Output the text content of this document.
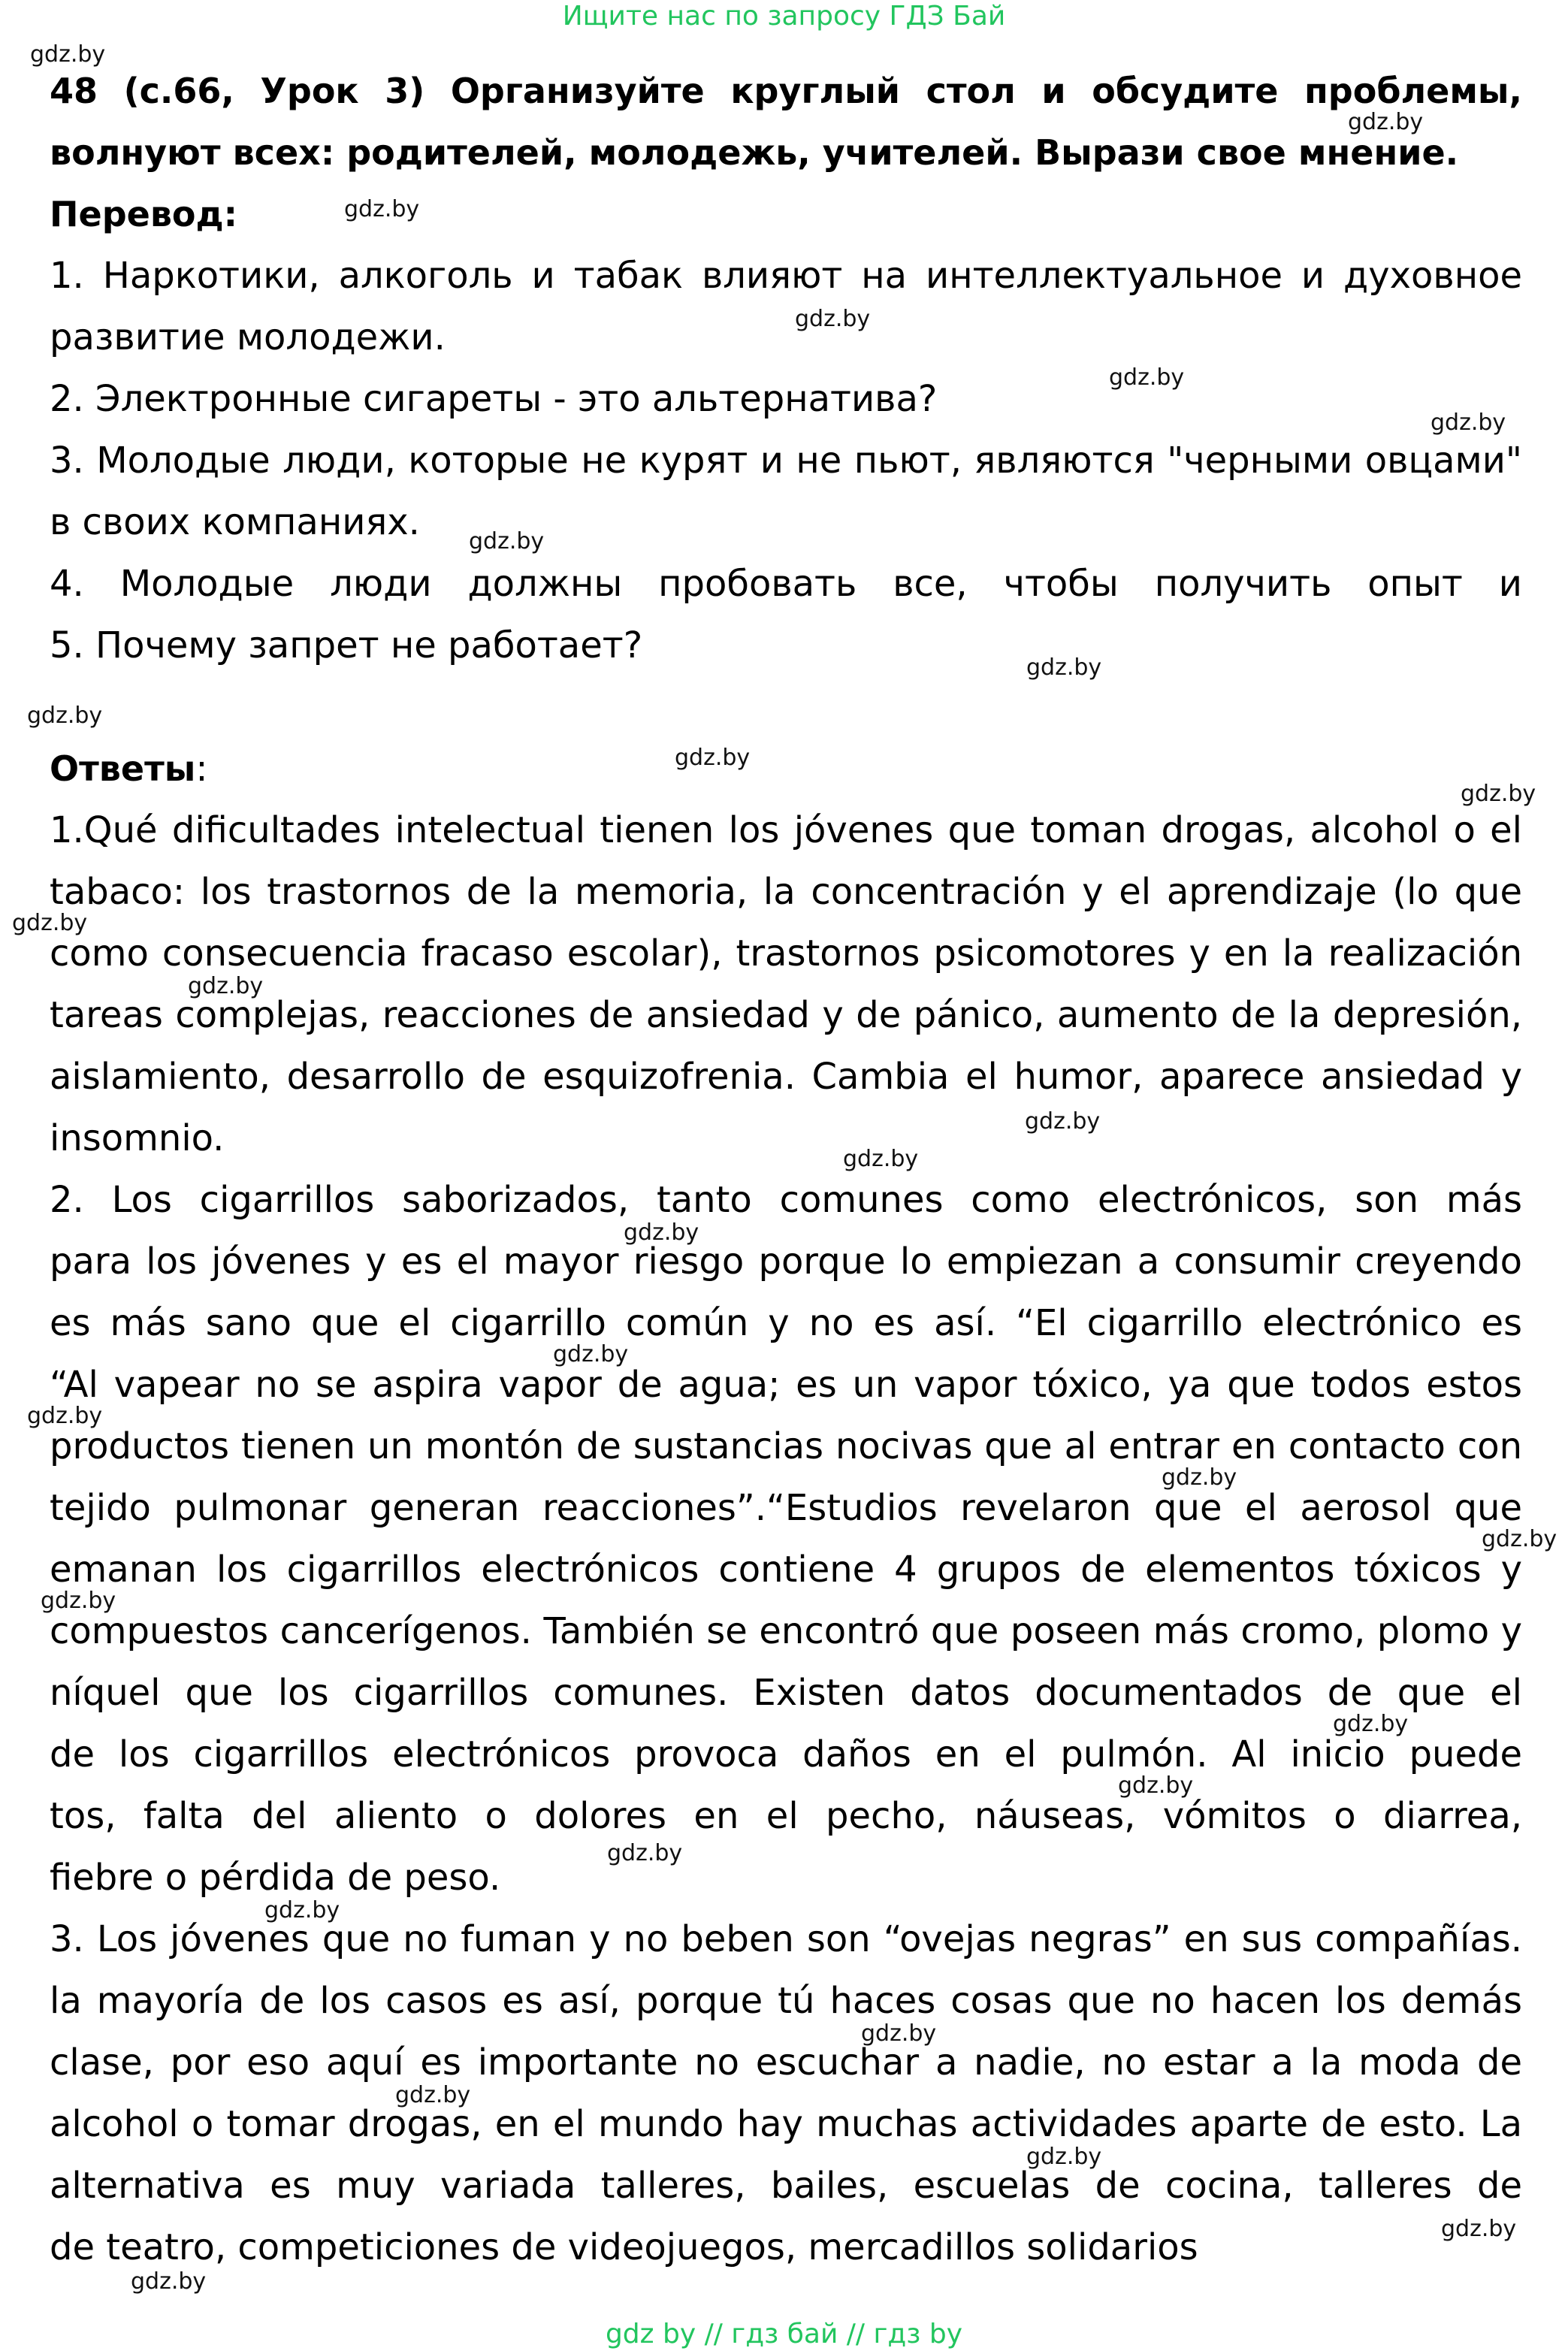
Ищите нас по запросу ГДЗ Бай
48 (с.66, Урок 3) Организуйте круглый стол и обсудите проблемы,
волнуют всех: родителей, молодежь, учителей. Вырази свое мнение.
Перевод:
1. Наркотики, алкоголь и табак влияют на интеллектуальное и духовное
развитие молодежи.
2. Электронные сигареты - это альтернатива?
3. Молодые люди, которые не курят и не пьют, являются "черными овцами"
в своих компаниях.
4. Молодые люди должны пробовать все, чтобы получить опыт и
5. Почему запрет не работает?
Ответы:
1.Qué dificultades intelectual tienen los jóvenes que toman drogas, alcohol o el
tabaco: los trastornos de la memoria, la concentración y el aprendizaje (lo que
como consecuencia fracaso escolar), trastornos psicomotores y en la realización
tareas complejas, reacciones de ansiedad y de pánico, aumento de la depresión,
aislamiento, desarrollo de esquizofrenia. Cambia el humor, aparece ansiedad y
insomnio.
2. Los cigarrillos saborizados, tanto comunes como electrónicos, son más
para los jóvenes y es el mayor riesgo porque lo empiezan a consumir creyendo
es más sano que el cigarrillo común y no es así. “El cigarrillo electrónico es
“Al vapear no se aspira vapor de agua; es un vapor tóxico, ya que todos estos
productos tienen un montón de sustancias nocivas que al entrar en contacto con
tejido pulmonar generan reacciones”.“Estudios revelaron que el aerosol que
emanan los cigarrillos electrónicos contiene 4 grupos de elementos tóxicos y
compuestos cancerígenos. También se encontró que poseen más cromo, plomo y
níquel que los cigarrillos comunes. Existen datos documentados de que el
de los cigarrillos electrónicos provoca daños en el pulmón. Al inicio puede
tos, falta del aliento o dolores en el pecho, náuseas, vómitos o diarrea,
fiebre o pérdida de peso.
3. Los jóvenes que no fuman y no beben son “ovejas negras” en sus compañías.
la mayoría de los casos es así, porque tú haces cosas que no hacen los demás
clase, por eso aquí es importante no escuchar a nadie, no estar a la moda de
alcohol o tomar drogas, en el mundo hay muchas actividades aparte de esto. La
alternativa es muy variada talleres, bailes, escuelas de cocina, talleres de
de teatro, competiciones de videojuegos, mercadillos solidarios
gdz.by
gdz.by
gdz.by
gdz.by
gdz.by
gdz.by
gdz.by
gdz.by
gdz.by
gdz.by
gdz.by
gdz.by
gdz.by
gdz.by
gdz.by
gdz.by
gdz.by
gdz.by
gdz.by
gdz.by
gdz.by
gdz.by
gdz.by
gdz.by
gdz.by
gdz.by
gdz.by
gdz.by
gdz.by
gdz.by
gdz by // гдз бай // гдз by
